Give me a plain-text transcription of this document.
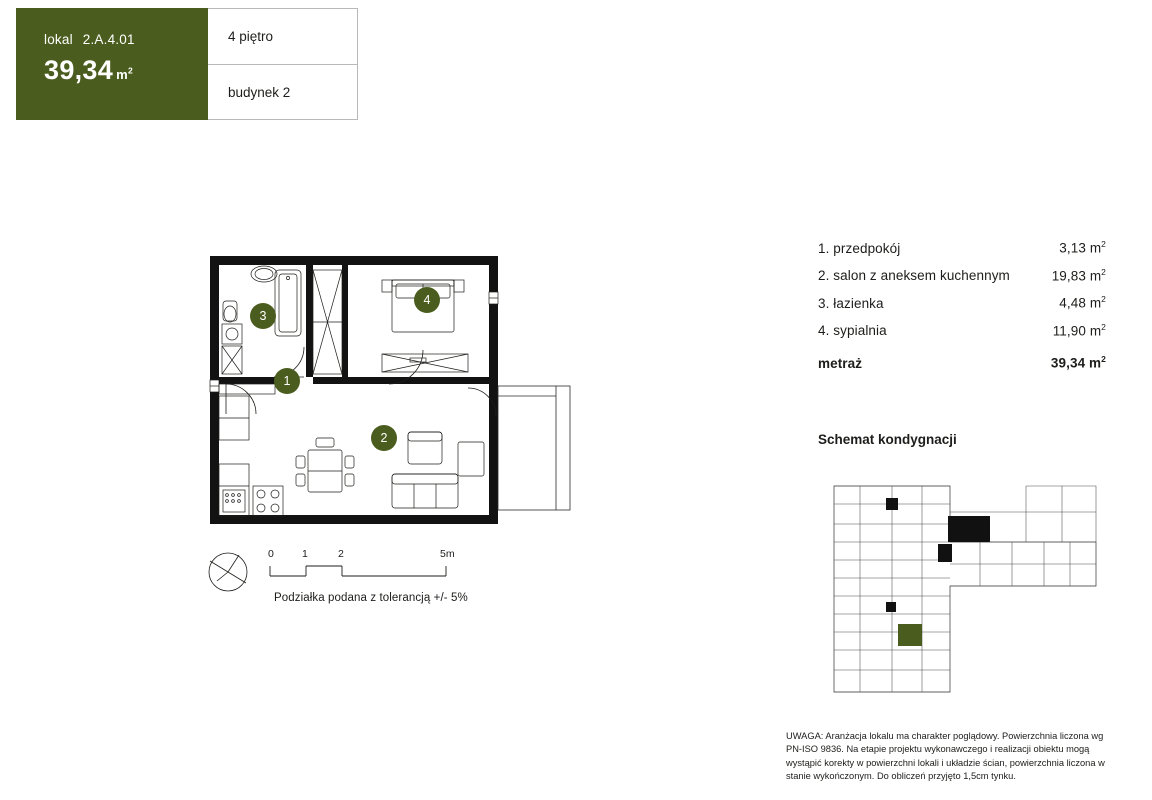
lokal 2.A.4.01
39,34 $m^2$
4 piętro
budynek 2
1
2
3
4
0	1	2	5m
Podziałka podana z tolerancją +/- 5%
1. przedpokój	3,13 $m^2$
2. salon z aneksem kuchennym	19,83 $m^2$
3. łazienka	4,48 $m^2$
4. sypialnia	11,90 $m^2$
metraż	39,34 $m^2$
Schemat kondygnacji
UWAGA: Aranżacja lokalu ma charakter poglądowy. Powierzchnia liczona wg PN-ISO 9836. Na etapie projektu wykonawczego i realizacji obiektu mogą wystąpić korekty w powierzchni lokali i układzie ścian, powierzchnia liczona w stanie wykończonym. Do obliczeń przyjęto 1,5cm tynku.
